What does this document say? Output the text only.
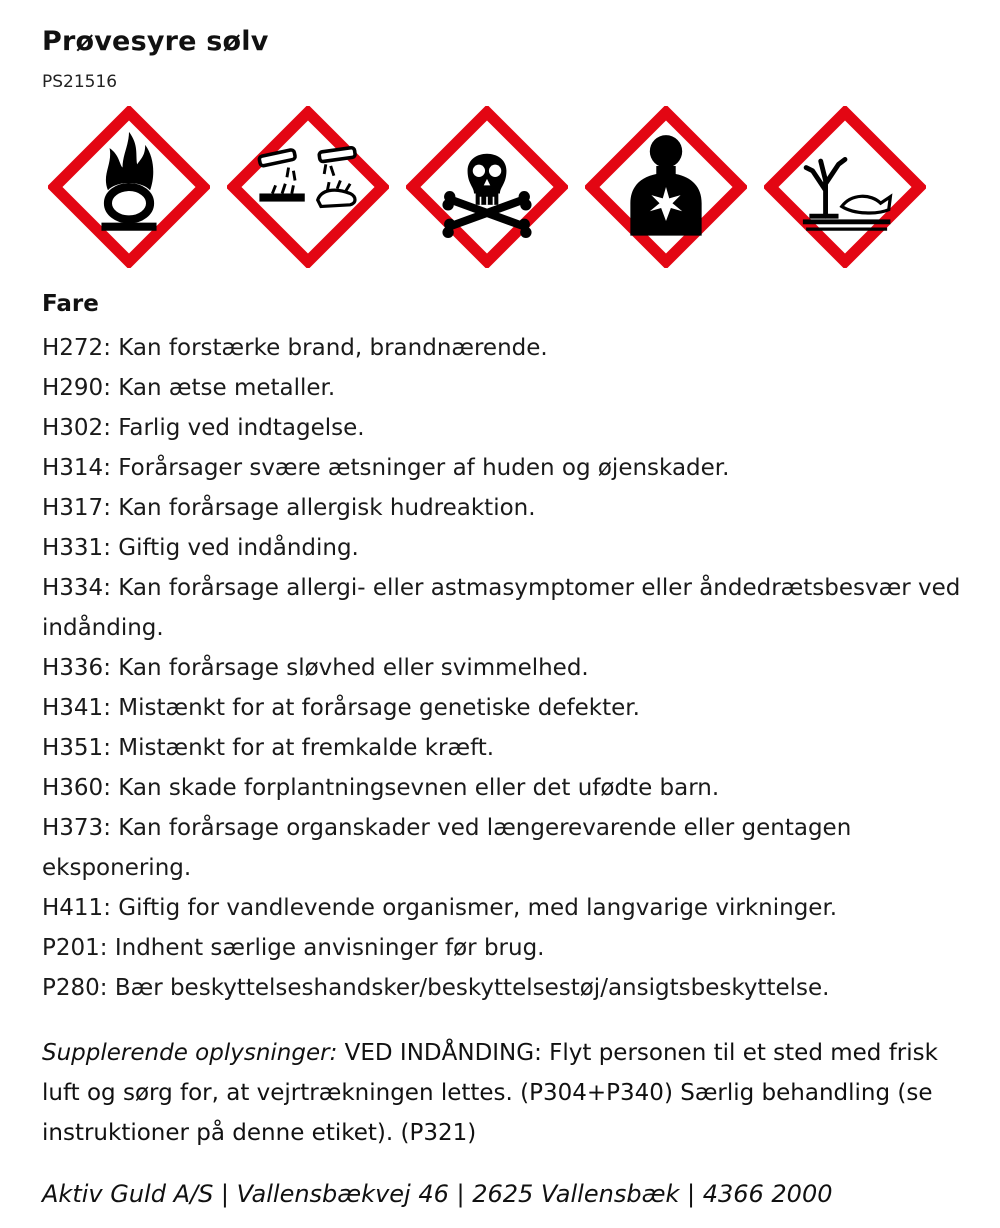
Prøvesyre sølv
PS21516
Fare
H272: Kan forstærke brand, brandnærende.
H290: Kan ætse metaller.
H302: Farlig ved indtagelse.
H314: Forårsager svære ætsninger af huden og øjenskader.
H317: Kan forårsage allergisk hudreaktion.
H331: Giftig ved indånding.
H334: Kan forårsage allergi- eller astmasymptomer eller åndedrætsbesvær ved indånding.
H336: Kan forårsage sløvhed eller svimmelhed.
H341: Mistænkt for at forårsage genetiske defekter.
H351: Mistænkt for at fremkalde kræft.
H360: Kan skade forplantningsevnen eller det ufødte barn.
H373: Kan forårsage organskader ved længerevarende eller gentagen eksponering.
H411: Giftig for vandlevende organismer, med langvarige virkninger.
P201: Indhent særlige anvisninger før brug.
P280: Bær beskyttelseshandsker/beskyttelsestøj/ansigtsbeskyttelse.
Supplerende oplysninger: VED INDÅNDING: Flyt personen til et sted med frisk luft og sørg for, at vejrtrækningen lettes. (P304+P340) Særlig behandling (se instruktioner på denne etiket). (P321)
Aktiv Guld A/S | Vallensbækvej 46 | 2625 Vallensbæk | 4366 2000
